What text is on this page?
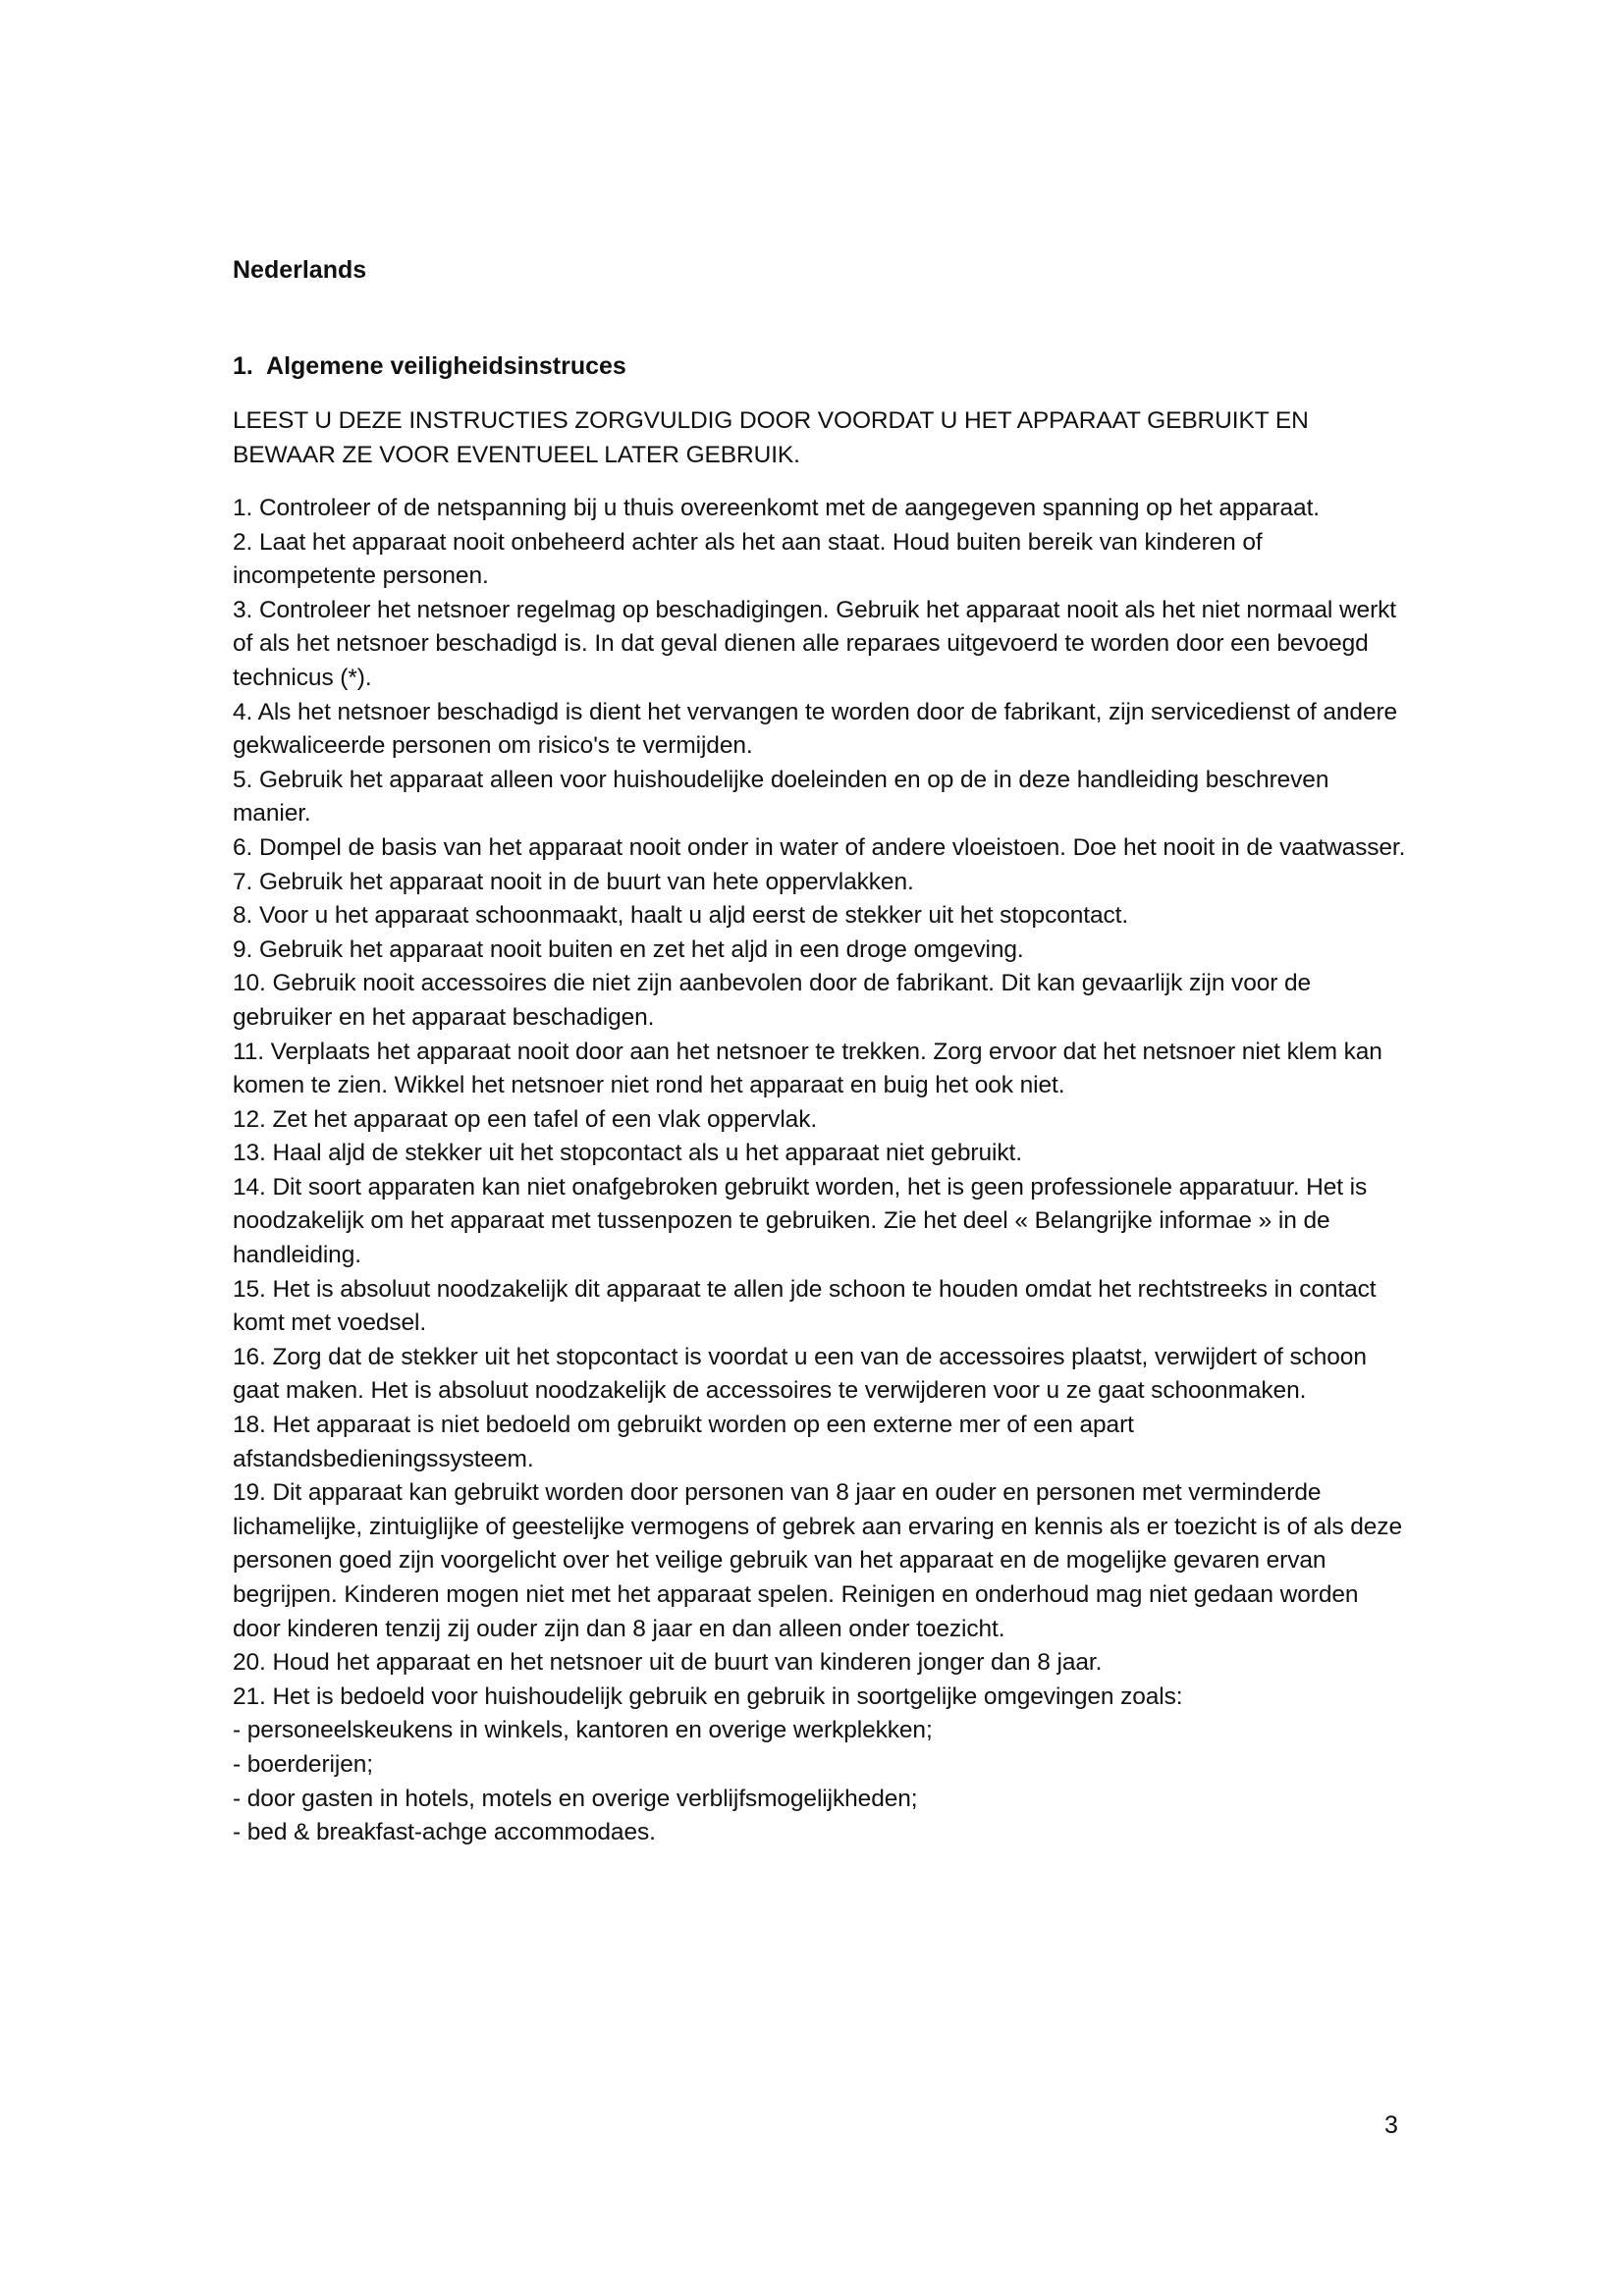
Nederlands

1. Algemene veiligheidsinstruces

LEEST U DEZE INSTRUCTIES ZORGVULDIG DOOR VOORDAT U HET APPARAAT GEBRUIKT EN BEWAAR ZE VOOR EVENTUEEL LATER GEBRUIK.

1. Controleer of de netspanning bij u thuis overeenkomt met de aangegeven spanning op het apparaat.

2. Laat het apparaat nooit onbeheerd achter als het aan staat. Houd buiten bereik van kinderen of incompetente personen.

3. Controleer het netsnoer regelmag op beschadigingen. Gebruik het apparaat nooit als het niet normaal werkt of als het netsnoer beschadigd is. In dat geval dienen alle reparaes uitgevoerd te worden door een bevoegd technicus (*).

4. Als het netsnoer beschadigd is dient het vervangen te worden door de fabrikant, zijn servicedienst of andere gekwaliceerde personen om risico's te vermijden.

5. Gebruik het apparaat alleen voor huishoudelijke doeleinden en op de in deze handleiding beschreven manier.

6. Dompel de basis van het apparaat nooit onder in water of andere vloeistoen. Doe het nooit in de vaatwasser.

7. Gebruik het apparaat nooit in de buurt van hete oppervlakken.

8. Voor u het apparaat schoonmaakt, haalt u aljd eerst de stekker uit het stopcontact.

9. Gebruik het apparaat nooit buiten en zet het aljd in een droge omgeving.

10. Gebruik nooit accessoires die niet zijn aanbevolen door de fabrikant. Dit kan gevaarlijk zijn voor de gebruiker en het apparaat beschadigen.

11. Verplaats het apparaat nooit door aan het netsnoer te trekken. Zorg ervoor dat het netsnoer niet klem kan komen te zien. Wikkel het netsnoer niet rond het apparaat en buig het ook niet.

12. Zet het apparaat op een tafel of een vlak oppervlak.

13. Haal aljd de stekker uit het stopcontact als u het apparaat niet gebruikt.

14. Dit soort apparaten kan niet onafgebroken gebruikt worden, het is geen professionele apparatuur. Het is noodzakelijk om het apparaat met tussenpozen te gebruiken. Zie het deel « Belangrijke informae » in de handleiding.

15. Het is absoluut noodzakelijk dit apparaat te allen jde schoon te houden omdat het rechtstreeks in contact komt met voedsel.

16. Zorg dat de stekker uit het stopcontact is voordat u een van de accessoires plaatst, verwijdert of schoon gaat maken. Het is absoluut noodzakelijk de accessoires te verwijderen voor u ze gaat schoonmaken.

18. Het apparaat is niet bedoeld om gebruikt worden op een externe mer of een apart afstandsbedieningssysteem.

19. Dit apparaat kan gebruikt worden door personen van 8 jaar en ouder en personen met verminderde lichamelijke, zintuiglijke of geestelijke vermogens of gebrek aan ervaring en kennis als er toezicht is of als deze personen goed zijn voorgelicht over het veilige gebruik van het apparaat en de mogelijke gevaren ervan begrijpen. Kinderen mogen niet met het apparaat spelen. Reinigen en onderhoud mag niet gedaan worden door kinderen tenzij zij ouder zijn dan 8 jaar en dan alleen onder toezicht.

20. Houd het apparaat en het netsnoer uit de buurt van kinderen jonger dan 8 jaar.

21. Het is bedoeld voor huishoudelijk gebruik en gebruik in soortgelijke omgevingen zoals:

- personeelskeukens in winkels, kantoren en overige werkplekken;

- boerderijen;

- door gasten in hotels, motels en overige verblijfsmogelijkheden;

- bed & breakfast-achge accommodaes.

3
